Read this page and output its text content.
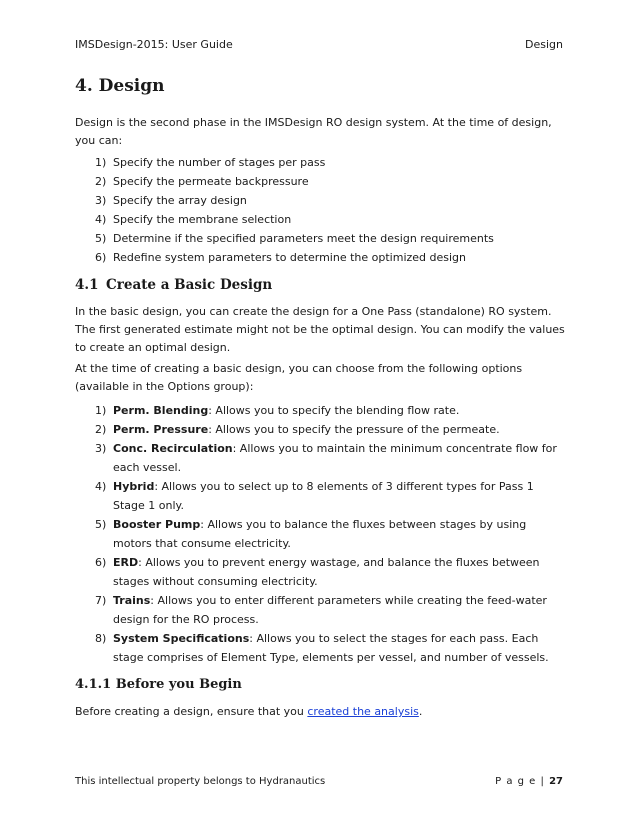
IMSDesign-2015: User Guide	Design
4. Design

Design is the second phase in the IMSDesign RO design system. At the time of design, you can:

1) Specify the number of stages per pass
2) Specify the permeate backpressure
3) Specify the array design
4) Specify the membrane selection
5) Determine if the specified parameters meet the design requirements
6) Redefine system parameters to determine the optimized design
4.1 Create a Basic Design

In the basic design, you can create the design for a One Pass (standalone) RO system. The first generated estimate might not be the optimal design. You can modify the values to create an optimal design.

At the time of creating a basic design, you can choose from the following options (available in the Options group):

1) Perm. Blending: Allows you to specify the blending flow rate.
2) Perm. Pressure: Allows you to specify the pressure of the permeate.
3) Conc. Recirculation: Allows you to maintain the minimum concentrate flow for each vessel.
4) Hybrid: Allows you to select up to 8 elements of 3 different types for Pass 1 Stage 1 only.
5) Booster Pump: Allows you to balance the fluxes between stages by using motors that consume electricity.
6) ERD: Allows you to prevent energy wastage, and balance the fluxes between stages without consuming electricity.
7) Trains: Allows you to enter different parameters while creating the feed-water design for the RO process.
8) System Specifications: Allows you to select the stages for each pass. Each stage comprises of Element Type, elements per vessel, and number of vessels.
4.1.1 Before you Begin

Before creating a design, ensure that you created the analysis.

This intellectual property belongs to Hydranautics	P a g e | 27
